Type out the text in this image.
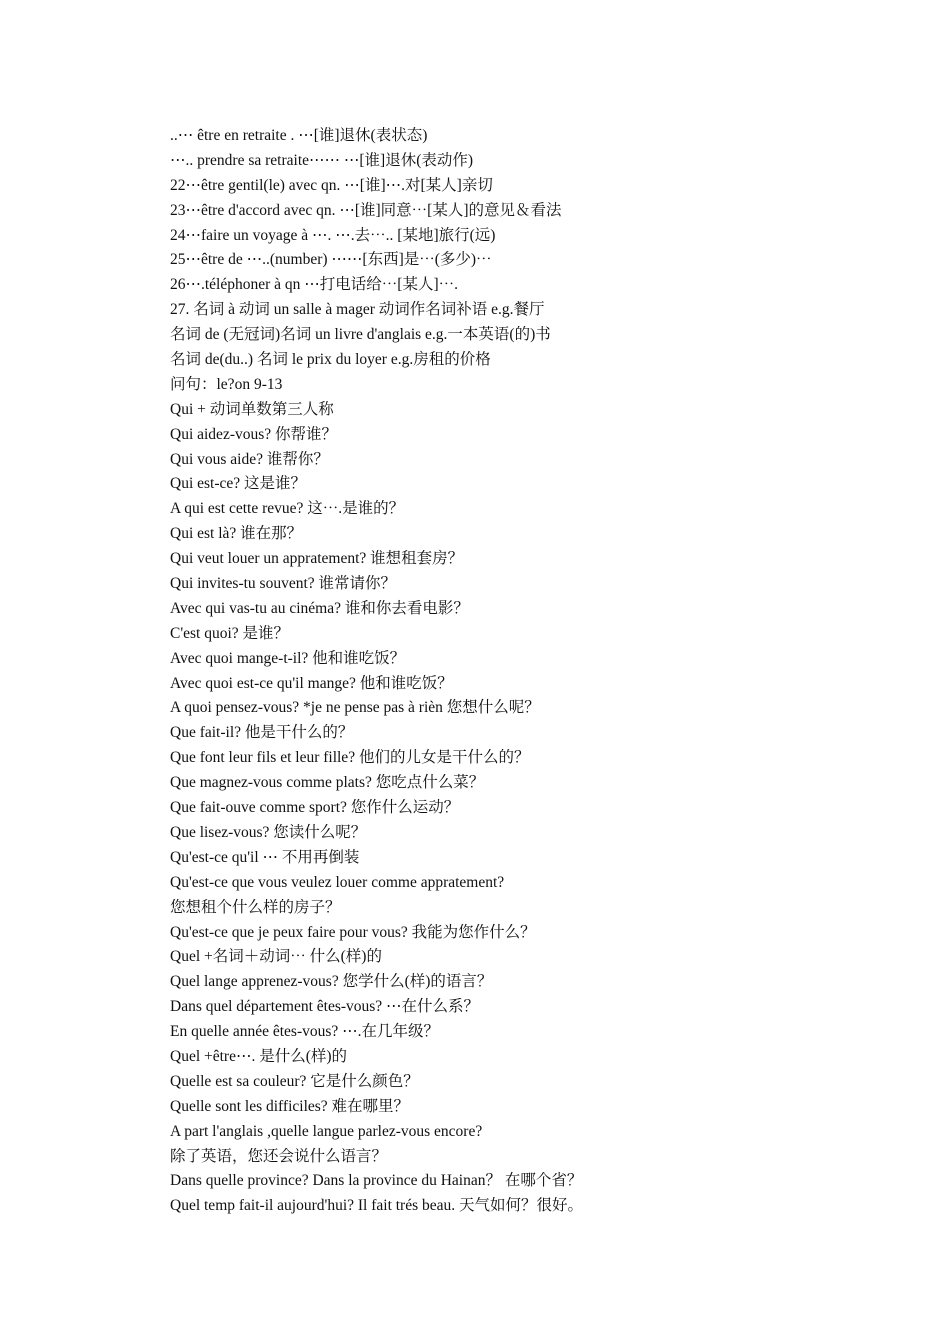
..⋯ être en retraite . ⋯[谁]退休(表状态)
⋯.. prendre sa retraite⋯⋯ ⋯[谁]退休(表动作)
22⋯être gentil(le) avec qn. ⋯[谁]⋯.对[某人]亲切
23⋯être d'accord avec qn. ⋯[谁]同意⋯[某人]的意见＆看法
24⋯faire un voyage à ⋯. ⋯.去⋯.. [某地]旅行(远)
25⋯être de ⋯..(number) ⋯⋯[东西]是⋯(多少)⋯
26⋯.téléphoner à qn ⋯打电话给⋯[某人]⋯.
27. 名词 à 动词 un salle à mager 动词作名词补语 e.g.餐厅
名词 de (无冠词)名词 un livre d'anglais e.g.一本英语(的)书
名词 de(du..) 名词 le prix du loyer e.g.房租的价格
问句：le?on 9-13
Qui + 动词单数第三人称
Qui aidez-vous? 你帮谁？
Qui vous aide? 谁帮你？
Qui est-ce? 这是谁？
A qui est cette revue? 这⋯.是谁的？
Qui est là? 谁在那？
Qui veut louer un appratement? 谁想租套房？
Qui invites-tu souvent? 谁常请你？
Avec qui vas-tu au cinéma? 谁和你去看电影？
C'est quoi? 是谁？
Avec quoi mange-t-il? 他和谁吃饭？
Avec quoi est-ce qu'il mange? 他和谁吃饭？
A quoi pensez-vous? *je ne pense pas à rièn 您想什么呢？
Que fait-il? 他是干什么的？
Que font leur fils et leur fille? 他们的儿女是干什么的？
Que magnez-vous comme plats? 您吃点什么菜？
Que fait-ouve comme sport? 您作什么运动？
Que lisez-vous? 您读什么呢？
Qu'est-ce qu'il ⋯ 不用再倒装
Qu'est-ce que vous veulez louer comme appratement?
您想租个什么样的房子？
Qu'est-ce que je peux faire pour vous? 我能为您作什么？
Quel +名词＋动词⋯ 什么(样)的
Quel lange apprenez-vous? 您学什么(样)的语言？
Dans quel département êtes-vous? ⋯在什么系？
En quelle année êtes-vous? ⋯.在几年级？
Quel +être⋯. 是什么(样)的
Quelle est sa couleur? 它是什么颜色？
Quelle sont les difficiles? 难在哪里？
A part l'anglais ,quelle langue parlez-vous encore?
除了英语，您还会说什么语言？
Dans quelle province? Dans la province du Hainan？ 在哪个省？
Quel temp fait-il aujourd'hui? Il fait trés beau. 天气如何？很好。
